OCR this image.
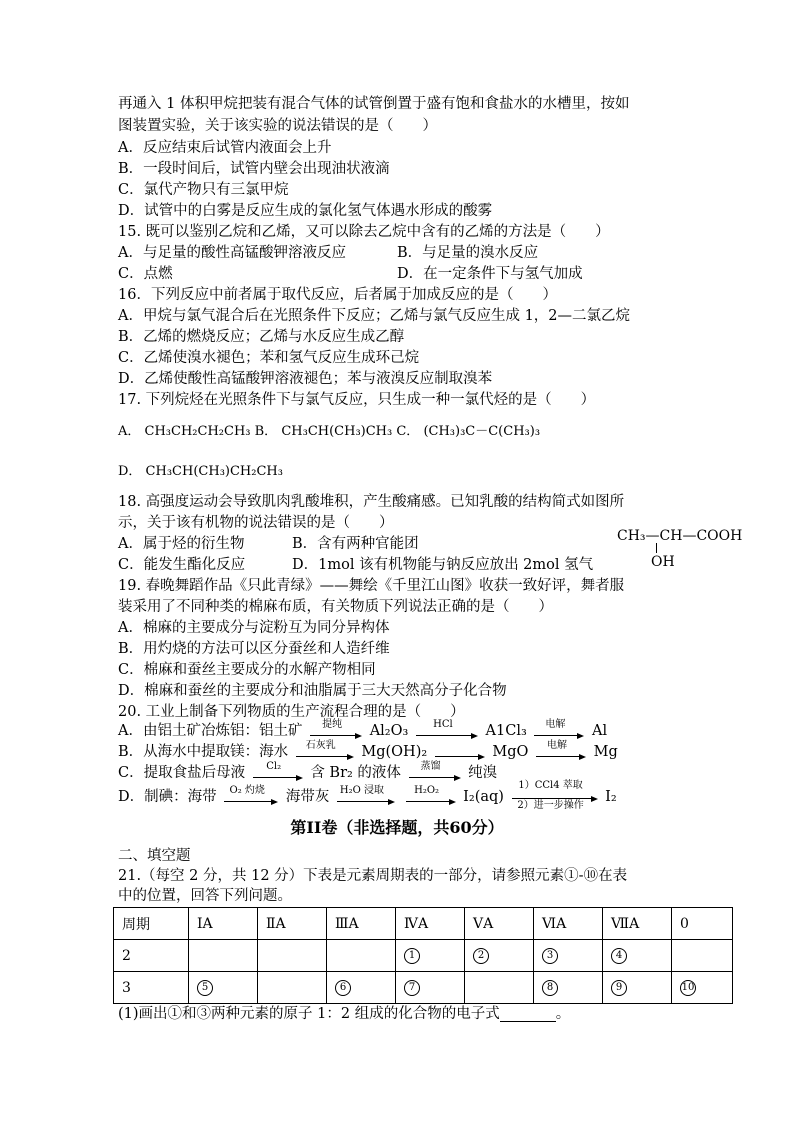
再通入 1 体积甲烷把装有混合气体的试管倒置于盛有饱和食盐水的水槽里，按如
图装置实验，关于该实验的说法错误的是（　　）
A．反应结束后试管内液面会上升
B．一段时间后，试管内壁会出现油状液滴
C．氯代产物只有三氯甲烷
D．试管中的白雾是反应生成的氯化氢气体遇水形成的酸雾
15. 既可以鉴别乙烷和乙烯，又可以除去乙烷中含有的乙烯的方法是（　　）
A．与足量的酸性高锰酸钾溶液反应	B．与足量的溴水反应
C．点燃	D．在一定条件下与氢气加成
16．下列反应中前者属于取代反应，后者属于加成反应的是（　　）
A．甲烷与氯气混合后在光照条件下反应；乙烯与氯气反应生成 1，2—二氯乙烷
B．乙烯的燃烧反应；乙烯与水反应生成乙醇
C．乙烯使溴水褪色；苯和氢气反应生成环己烷
D．乙烯使酸性高锰酸钾溶液褪色；苯与液溴反应制取溴苯
17. 下列烷烃在光照条件下与氯气反应，只生成一种一氯代烃的是（　　）
A． CH₃CH₂CH₂CH₃ B． CH₃CH(CH₃)CH₃ C． (CH₃)₃C－C(CH₃)₃
D． CH₃CH(CH₃)CH₂CH₃
18. 高强度运动会导致肌肉乳酸堆积，产生酸痛感。已知乳酸的结构简式如图所
示，关于该有机物的说法错误的是（　　）
A．属于烃的衍生物	B．含有两种官能团
C．能发生酯化反应	D．1mol 该有机物能与钠反应放出 2mol 氢气
CH₃—CH—COOH
OH
19. 春晚舞蹈作品《只此青绿》——舞绘《千里江山图》收获一致好评，舞者服
装采用了不同种类的棉麻布质，有关物质下列说法正确的是（　　）
A．棉麻的主要成分与淀粉互为同分异构体
B．用灼烧的方法可以区分蚕丝和人造纤维
C．棉麻和蚕丝主要成分的水解产物相同
D．棉麻和蚕丝的主要成分和油脂属于三大天然高分子化合物
20. 工业上制备下列物质的生产流程合理的是（　　）
A．由铝土矿冶炼铝：铝土矿	提纯	Al₂O₃	HCl	A1Cl₃	电解	Al
B．从海水中提取镁：海水	石灰乳	Mg(OH)₂	MgO	电解	Mg
C．提取食盐后母液	Cl₂	含 Br₂ 的液体	蒸馏	纯溴
D．制碘：海带	O₂ 灼烧	海带灰 H₂O 浸取
	H₂O₂	I₂(aq)
1）CCl4 萃取
2）进一步操作
I₂
第II卷（非选择题，共60分）
二、填空题
21.（每空 2 分，共 12 分）下表是元素周期表的一部分，请参照元素①-⑩在表
中的位置，回答下列问题。
周期	ⅠA	ⅡA	ⅢA	ⅣA	ⅤA	ⅥA	ⅦA	0
2				1	2	3	4	
3	5		6	7		8	9	10
(1)画出①和③两种元素的原子 1：2 组成的化合物的电子式	。
